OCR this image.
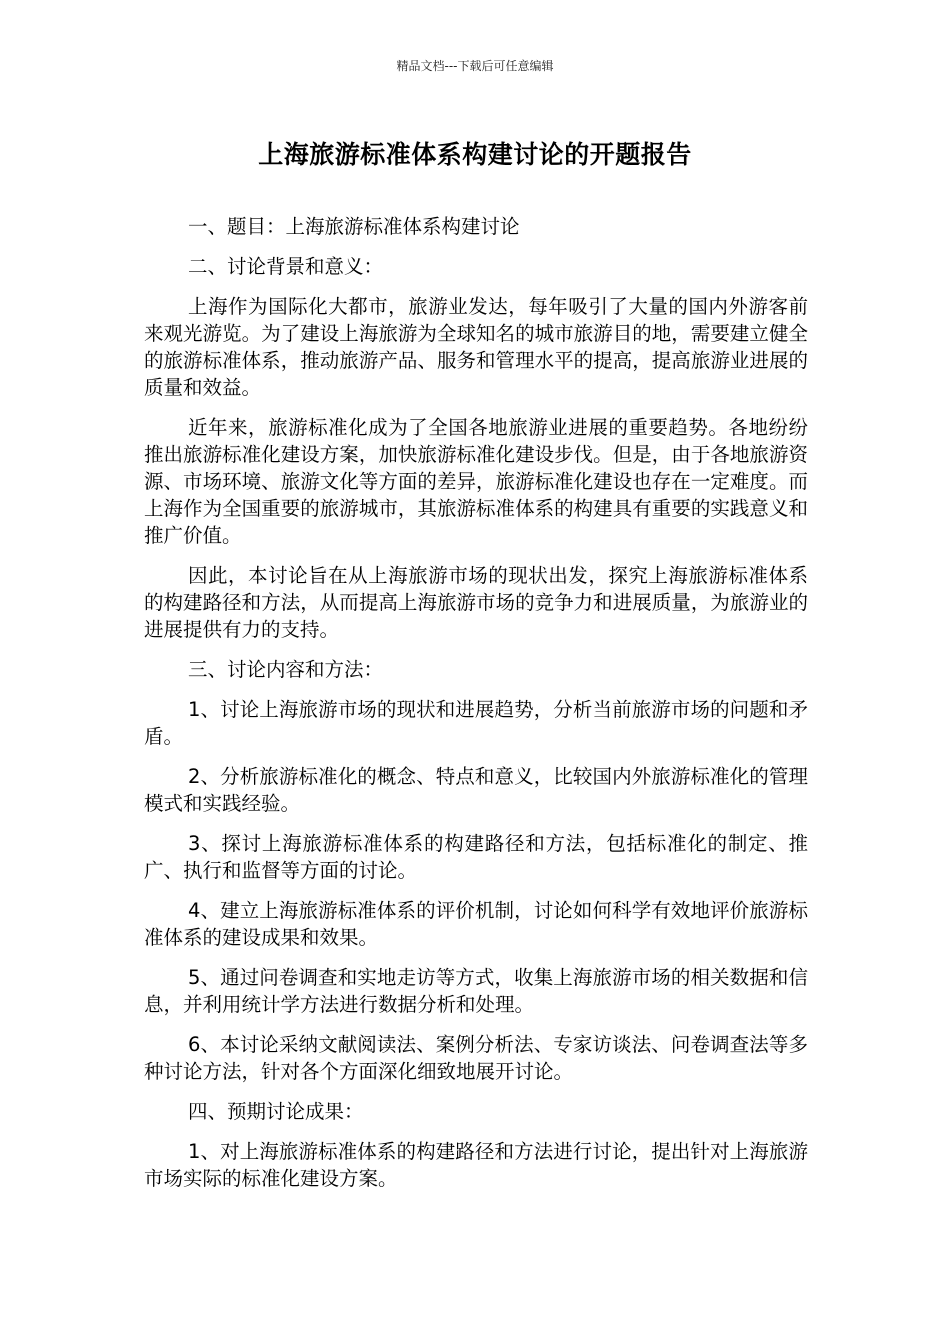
精品文档---下载后可任意编辑
上海旅游标准体系构建讨论的开题报告

一、题目：上海旅游标准体系构建讨论

二、讨论背景和意义：

上海作为国际化大都市，旅游业发达，每年吸引了大量的国内外游客前来观光游览。为了建设上海旅游为全球知名的城市旅游目的地，需要建立健全的旅游标准体系，推动旅游产品、服务和管理水平的提高，提高旅游业进展的质量和效益。

近年来，旅游标准化成为了全国各地旅游业进展的重要趋势。各地纷纷推出旅游标准化建设方案，加快旅游标准化建设步伐。但是，由于各地旅游资源、市场环境、旅游文化等方面的差异，旅游标准化建设也存在一定难度。而上海作为全国重要的旅游城市，其旅游标准体系的构建具有重要的实践意义和推广价值。

因此，本讨论旨在从上海旅游市场的现状出发，探究上海旅游标准体系的构建路径和方法，从而提高上海旅游市场的竞争力和进展质量，为旅游业的进展提供有力的支持。

三、讨论内容和方法：

1、讨论上海旅游市场的现状和进展趋势，分析当前旅游市场的问题和矛盾。

2、分析旅游标准化的概念、特点和意义，比较国内外旅游标准化的管理模式和实践经验。

3、探讨上海旅游标准体系的构建路径和方法，包括标准化的制定、推广、执行和监督等方面的讨论。

4、建立上海旅游标准体系的评价机制，讨论如何科学有效地评价旅游标准体系的建设成果和效果。

5、通过问卷调查和实地走访等方式，收集上海旅游市场的相关数据和信息，并利用统计学方法进行数据分析和处理。

6、本讨论采纳文献阅读法、案例分析法、专家访谈法、问卷调查法等多种讨论方法，针对各个方面深化细致地展开讨论。

四、预期讨论成果：

1、对上海旅游标准体系的构建路径和方法进行讨论，提出针对上海旅游市场实际的标准化建设方案。
